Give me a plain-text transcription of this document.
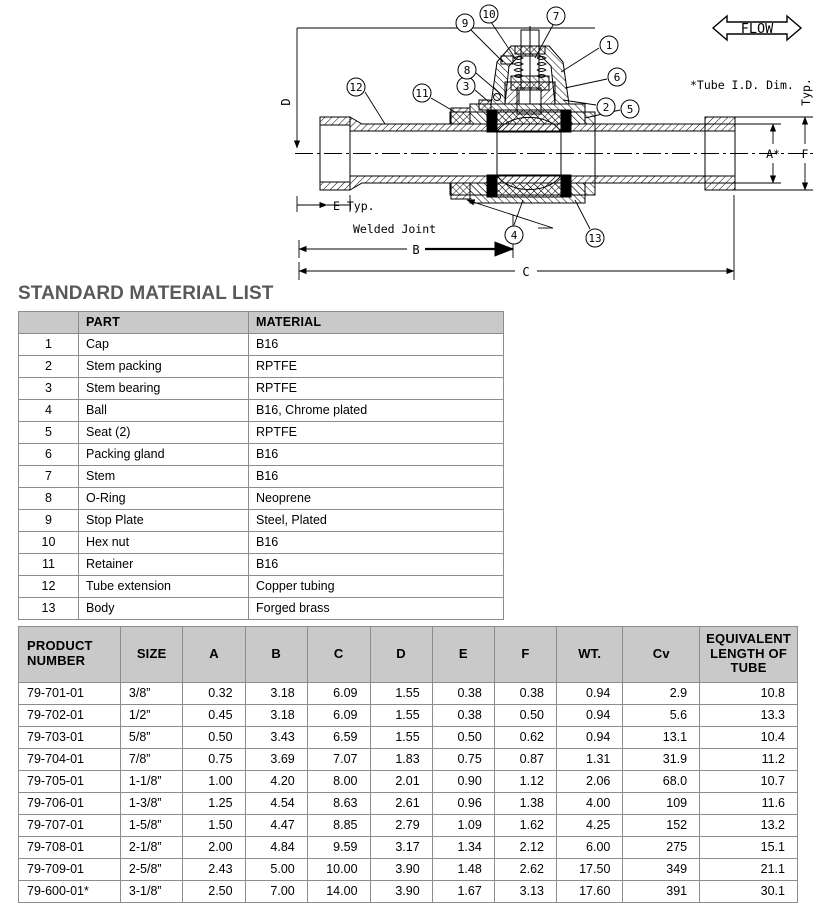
FLOW
*Tube I.D. Dim.
D
E Typ.
Welded Joint
B
C
A* F
Typ.
1
2
3
4
5
6
7
8
9
10
11
12
13
STANDARD MATERIAL LIST
	PART	MATERIAL
1	Cap	B16
2	Stem packing	RPTFE
3	Stem bearing	RPTFE
4	Ball	B16, Chrome plated
5	Seat (2)	RPTFE
6	Packing gland	B16
7	Stem	B16
8	O-Ring	Neoprene
9	Stop Plate	Steel, Plated
10	Hex nut	B16
11	Retainer	B16
12	Tube extension	Copper tubing
13	Body	Forged brass
PRODUCT
NUMBER	SIZE	A	B	C	D	E	F	WT.	Cv	EQUIVALENT
LENGTH OF
TUBE
79-701-01	3/8”	0.32	3.18	6.09	1.55	0.38	0.38	0.94	2.9	10.8
79-702-01	1/2”	0.45	3.18	6.09	1.55	0.38	0.50	0.94	5.6	13.3
79-703-01	5/8”	0.50	3.43	6.59	1.55	0.50	0.62	0.94	13.1	10.4
79-704-01	7/8”	0.75	3.69	7.07	1.83	0.75	0.87	1.31	31.9	11.2
79-705-01	1-1/8”	1.00	4.20	8.00	2.01	0.90	1.12	2.06	68.0	10.7
79-706-01	1-3/8”	1.25	4.54	8.63	2.61	0.96	1.38	4.00	109	11.6
79-707-01	1-5/8”	1.50	4.47	8.85	2.79	1.09	1.62	4.25	152	13.2
79-708-01	2-1/8”	2.00	4.84	9.59	3.17	1.34	2.12	6.00	275	15.1
79-709-01	2-5/8”	2.43	5.00	10.00	3.90	1.48	2.62	17.50	349	21.1
79-600-01*	3-1/8”	2.50	7.00	14.00	3.90	1.67	3.13	17.60	391	30.1
